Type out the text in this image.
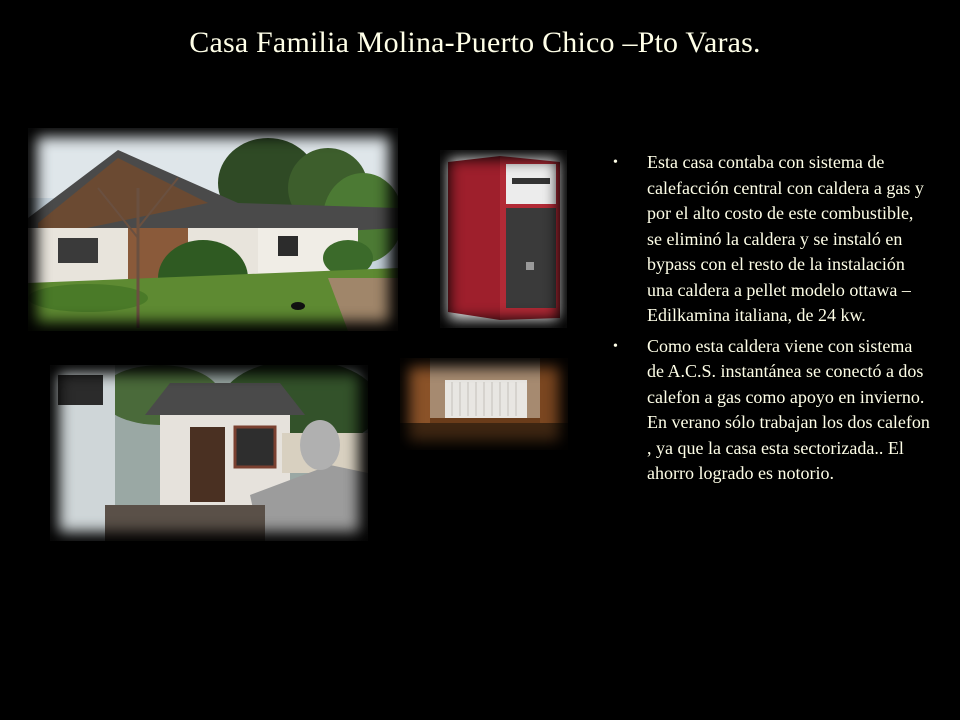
Casa Familia Molina-Puerto Chico –Pto Varas.
• Esta casa contaba con sistema de calefacción central con caldera a gas y por el alto costo de este combustible, se eliminó la caldera y se instaló en bypass con el resto de la instalación una caldera a pellet modelo ottawa – Edilkamina italiana, de 24 kw.
• Como esta caldera viene con sistema de A.C.S. instantánea se conectó a dos calefon a gas como apoyo en invierno. En verano sólo trabajan los dos calefon , ya que la casa esta sectorizada.. El ahorro logrado es notorio.
